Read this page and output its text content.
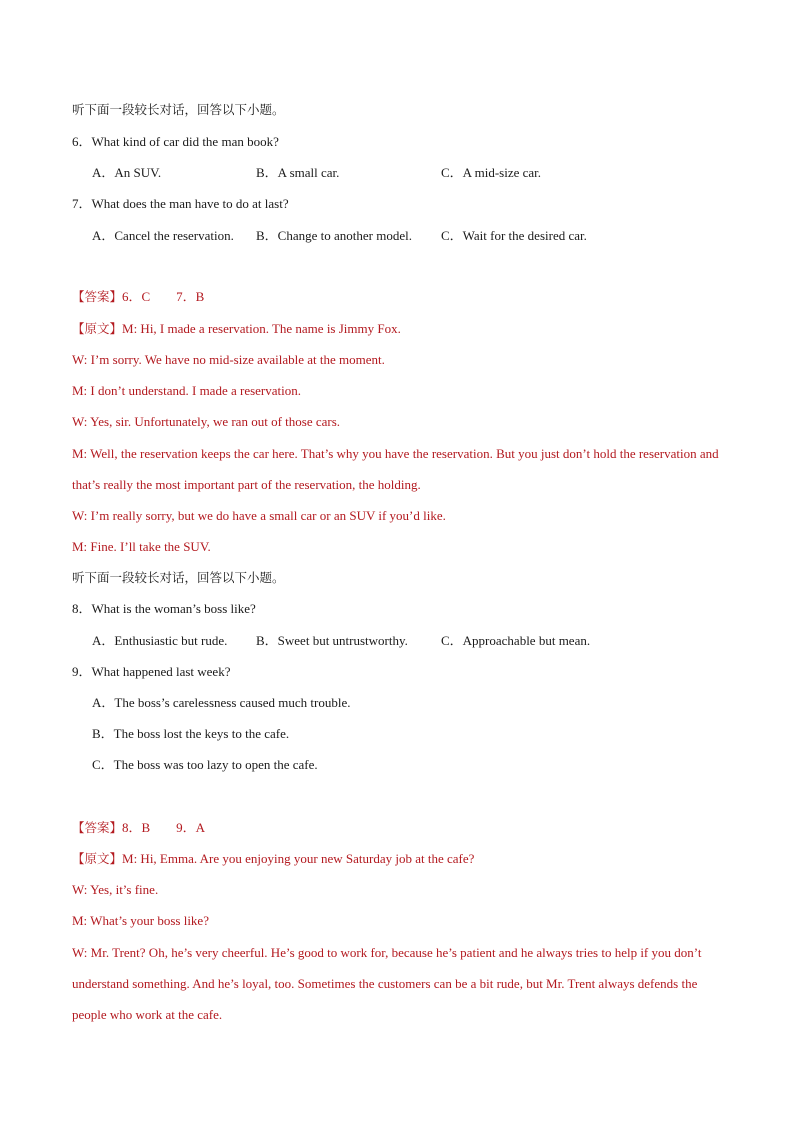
听下面一段较长对话，回答以下小题。
6．What kind of car did the man book?
A．An SUV.	B．A small car.	C．A mid-size car.
7．What does the man have to do at last?
A．Cancel the reservation. B．Change to another model. C．Wait for the desired car.
【答案】6．C　　7．B
【原文】M: Hi, I made a reservation. The name is Jimmy Fox.
W: I’m sorry. We have no mid-size available at the moment.
M: I don’t understand. I made a reservation.
W: Yes, sir. Unfortunately, we ran out of those cars.
M: Well, the reservation keeps the car here. That’s why you have the reservation. But you just don’t hold the reservation and that’s really the most important part of the reservation, the holding.
W: I’m really sorry, but we do have a small car or an SUV if you’d like.
M: Fine. I’ll take the SUV.
听下面一段较长对话，回答以下小题。
8．What is the woman’s boss like?
A．Enthusiastic but rude. B．Sweet but untrustworthy.	C．Approachable but mean.
9．What happened last week?
A．The boss’s carelessness caused much trouble.
B．The boss lost the keys to the cafe.
C．The boss was too lazy to open the cafe.
【答案】8．B　　9．A
【原文】M: Hi, Emma. Are you enjoying your new Saturday job at the cafe?
W: Yes, it’s fine.
M: What’s your boss like?
W: Mr. Trent? Oh, he’s very cheerful. He’s good to work for, because he’s patient and he always tries to help if you don’t understand something. And he’s loyal, too. Sometimes the customers can be a bit rude, but Mr. Trent always defends the people who work at the cafe.
